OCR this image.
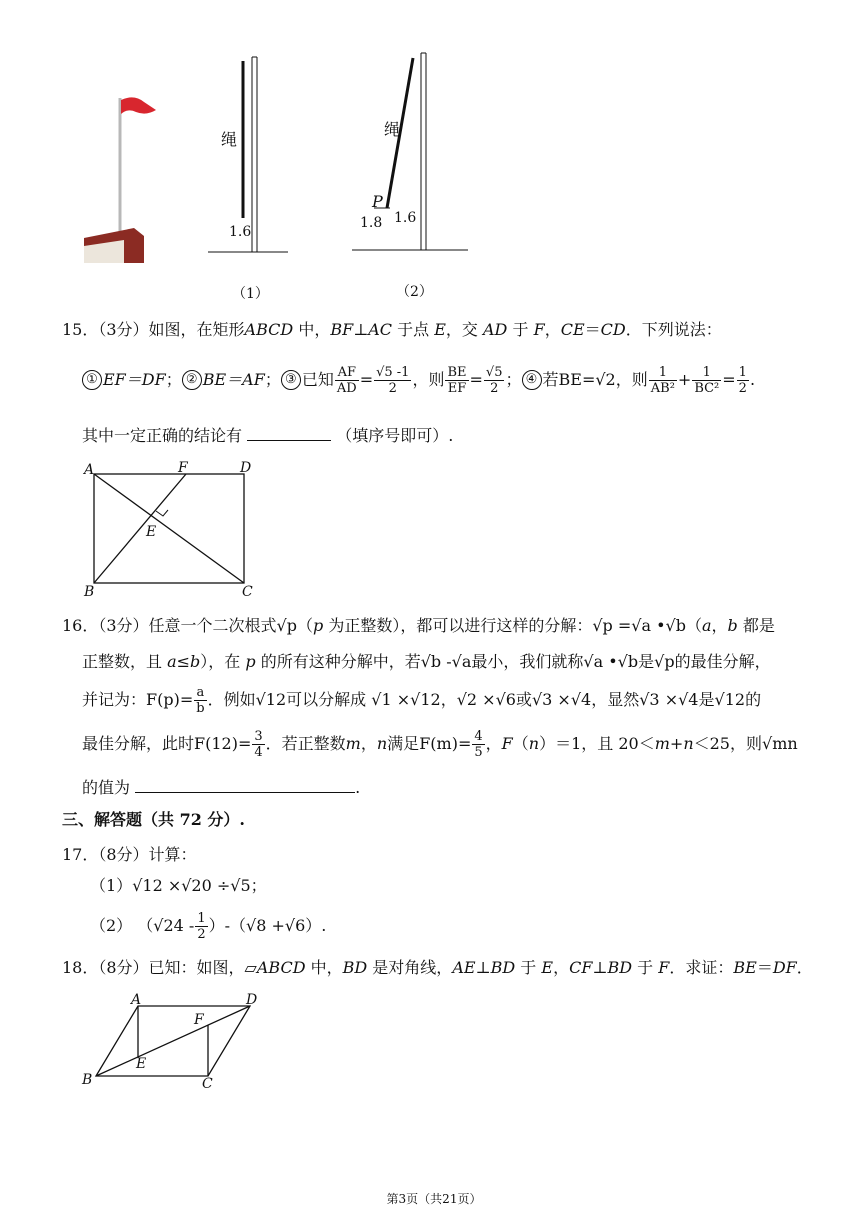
绳
1.6
（1）
绳
P
1.8 1.6
（2）
15．（3分）如图，在矩形ABCD 中，BF⊥AC 于点 E，交 AD 于 F，CE＝CD．下列说法：
① EF＝DF ； ② BE＝AF ； ③ 已知 $\frac{AF}{AD} = \frac{√5 -1}{2}$ ，则 $\frac{BE}{EF} = \frac{√5}{2}$ ； ④ 若 BE=√2 ，则 $\frac{1}{\text{AB²}} + \frac{1}{\text{BC²}} = \frac{1}{2}$ .
其中一定正确的结论有	（填序号即可）.
A	F	D
E
B	C
16．（3分）任意一个二次根式√p（p 为正整数），都可以进行这样的分解：√p =√a •√b（a，b 都是
正整数，且 a≤b），在 p 的所有这种分解中，若√b -√a最小，我们就称√a •√b是√p的最佳分解，
并记为： $F(p)= \frac{a}{b}$ ．例如 √12 可以分解成
√1 ×√12 ， √2 ×√6 或 √3 ×√4 ，显然 √3 ×√4 是 √12 的
最佳分解，此时 $F(12)= \frac{3}{4}$ ．若正整数 m ， n 满足 $F(m)= \frac{4}{5}$ ， F （ n ）＝1，且 20＜ m+n ＜25，则 √mn
的值为	.
三、解答题（共 72 分）.
17．（8分）计算：
（1）√12 ×√20 ÷√5；
（2）
$(√24 - \frac{1}{2} )-(√8 +√6)$.
18．（8分）已知：如图，▱ABCD 中，BD 是对角线，AE⊥BD 于 E，CF⊥BD 于 F．求证：BE＝DF．
A	D
F
E
B	C
第3页（共21页）
